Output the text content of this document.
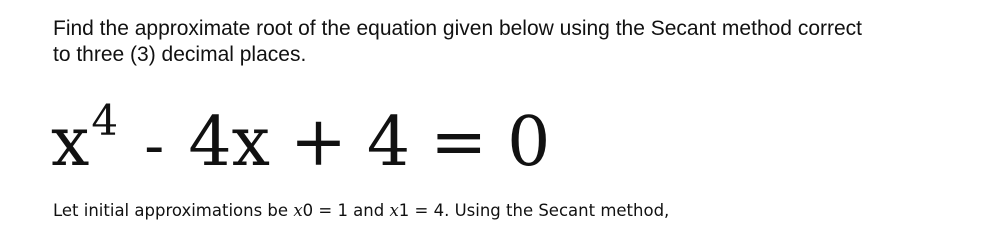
Find the approximate root of the equation given below using the Secant method correct
to three (3) decimal places.
x 4 - 4x + 4 = 0
Let initial approximations be x0 = 1 and x1 = 4. Using the Secant method,
